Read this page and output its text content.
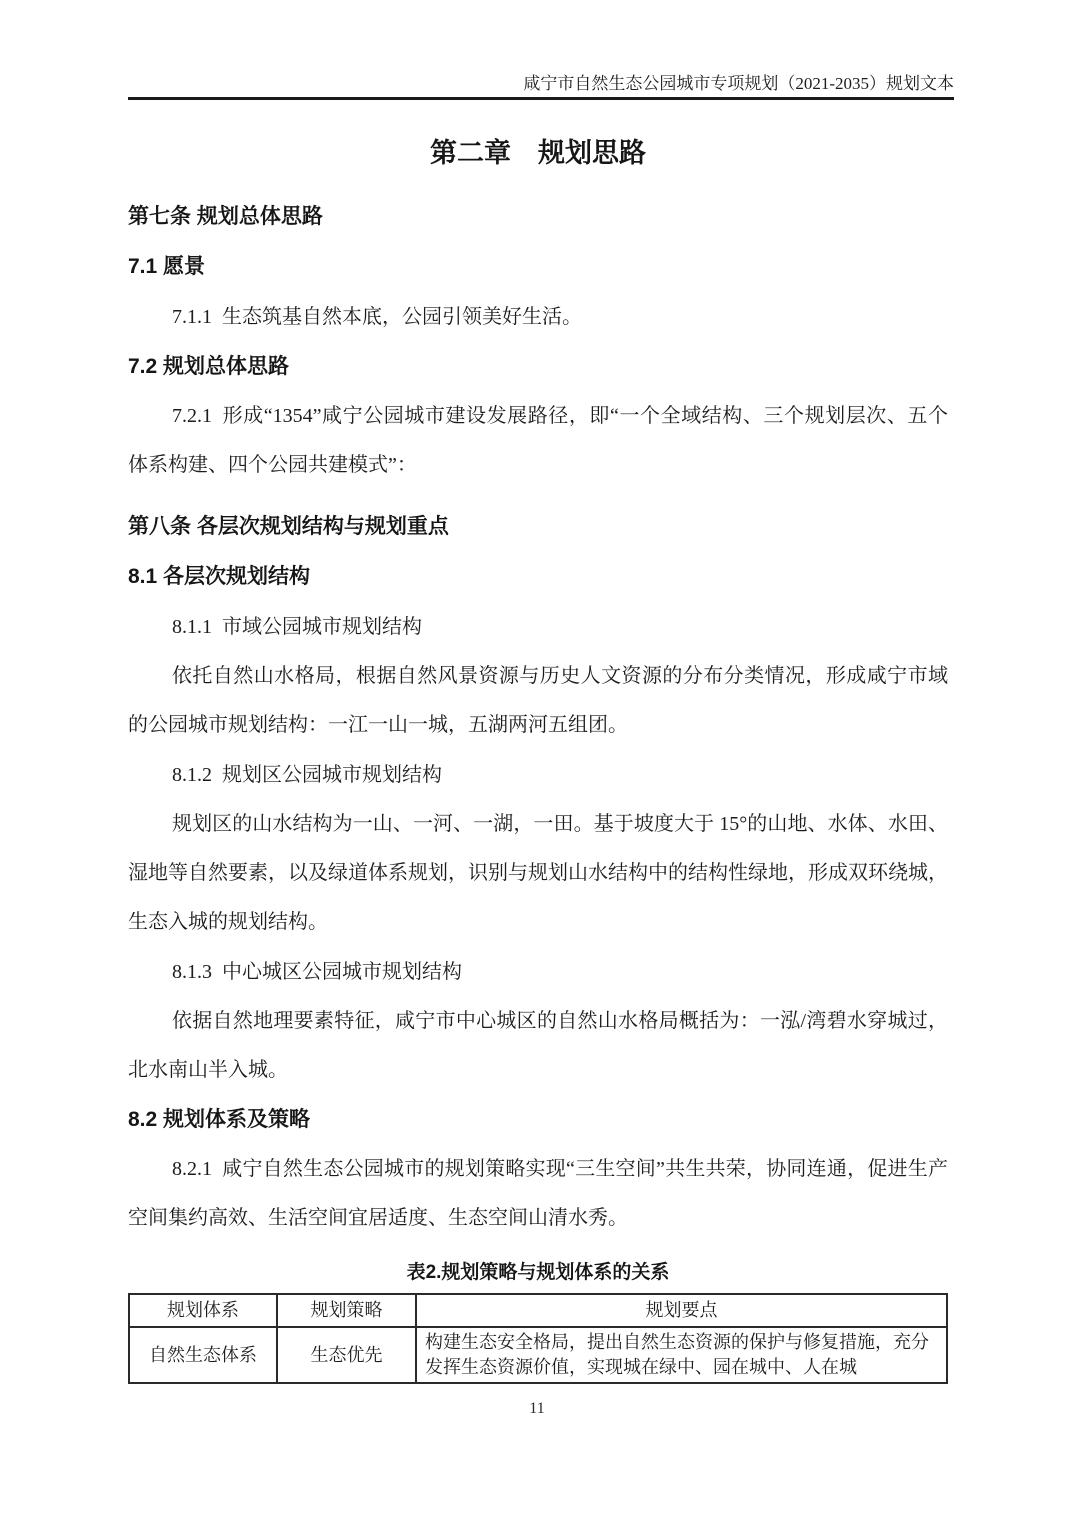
咸宁市自然生态公园城市专项规划（2021-2035）规划文本
第二章　规划思路
第七条 规划总体思路
7.1 愿景

7.1.1 生态筑基自然本底，公园引领美好生活。

7.2 规划总体思路

7.2.1 形成“1354”咸宁公园城市建设发展路径，即“一个全域结构、三个规划层次、五个体系构建、四个公园共建模式”：

第八条 各层次规划结构与规划重点
8.1 各层次规划结构

8.1.1 市域公园城市规划结构

依托自然山水格局，根据自然风景资源与历史人文资源的分布分类情况，形成咸宁市域的公园城市规划结构：一江一山一城，五湖两河五组团。

8.1.2 规划区公园城市规划结构

规划区的山水结构为一山、一河、一湖，一田。基于坡度大于 15°的山地、水体、水田、湿地等自然要素，以及绿道体系规划，识别与规划山水结构中的结构性绿地，形成双环绕城，生态入城的规划结构。

8.1.3 中心城区公园城市规划结构

依据自然地理要素特征，咸宁市中心城区的自然山水格局概括为：一泓/湾碧水穿城过，北水南山半入城。

8.2 规划体系及策略

8.2.1 咸宁自然生态公园城市的规划策略实现“三生空间”共生共荣，协同连通，促进生产空间集约高效、生活空间宜居适度、生态空间山清水秀。

表2.规划策略与规划体系的关系
规划体系	规划策略	规划要点
自然生态体系	生态优先	构建生态安全格局，提出自然生态资源的保护与修复措施，充分发挥生态资源价值，实现城在绿中、园在城中、人在城
11
